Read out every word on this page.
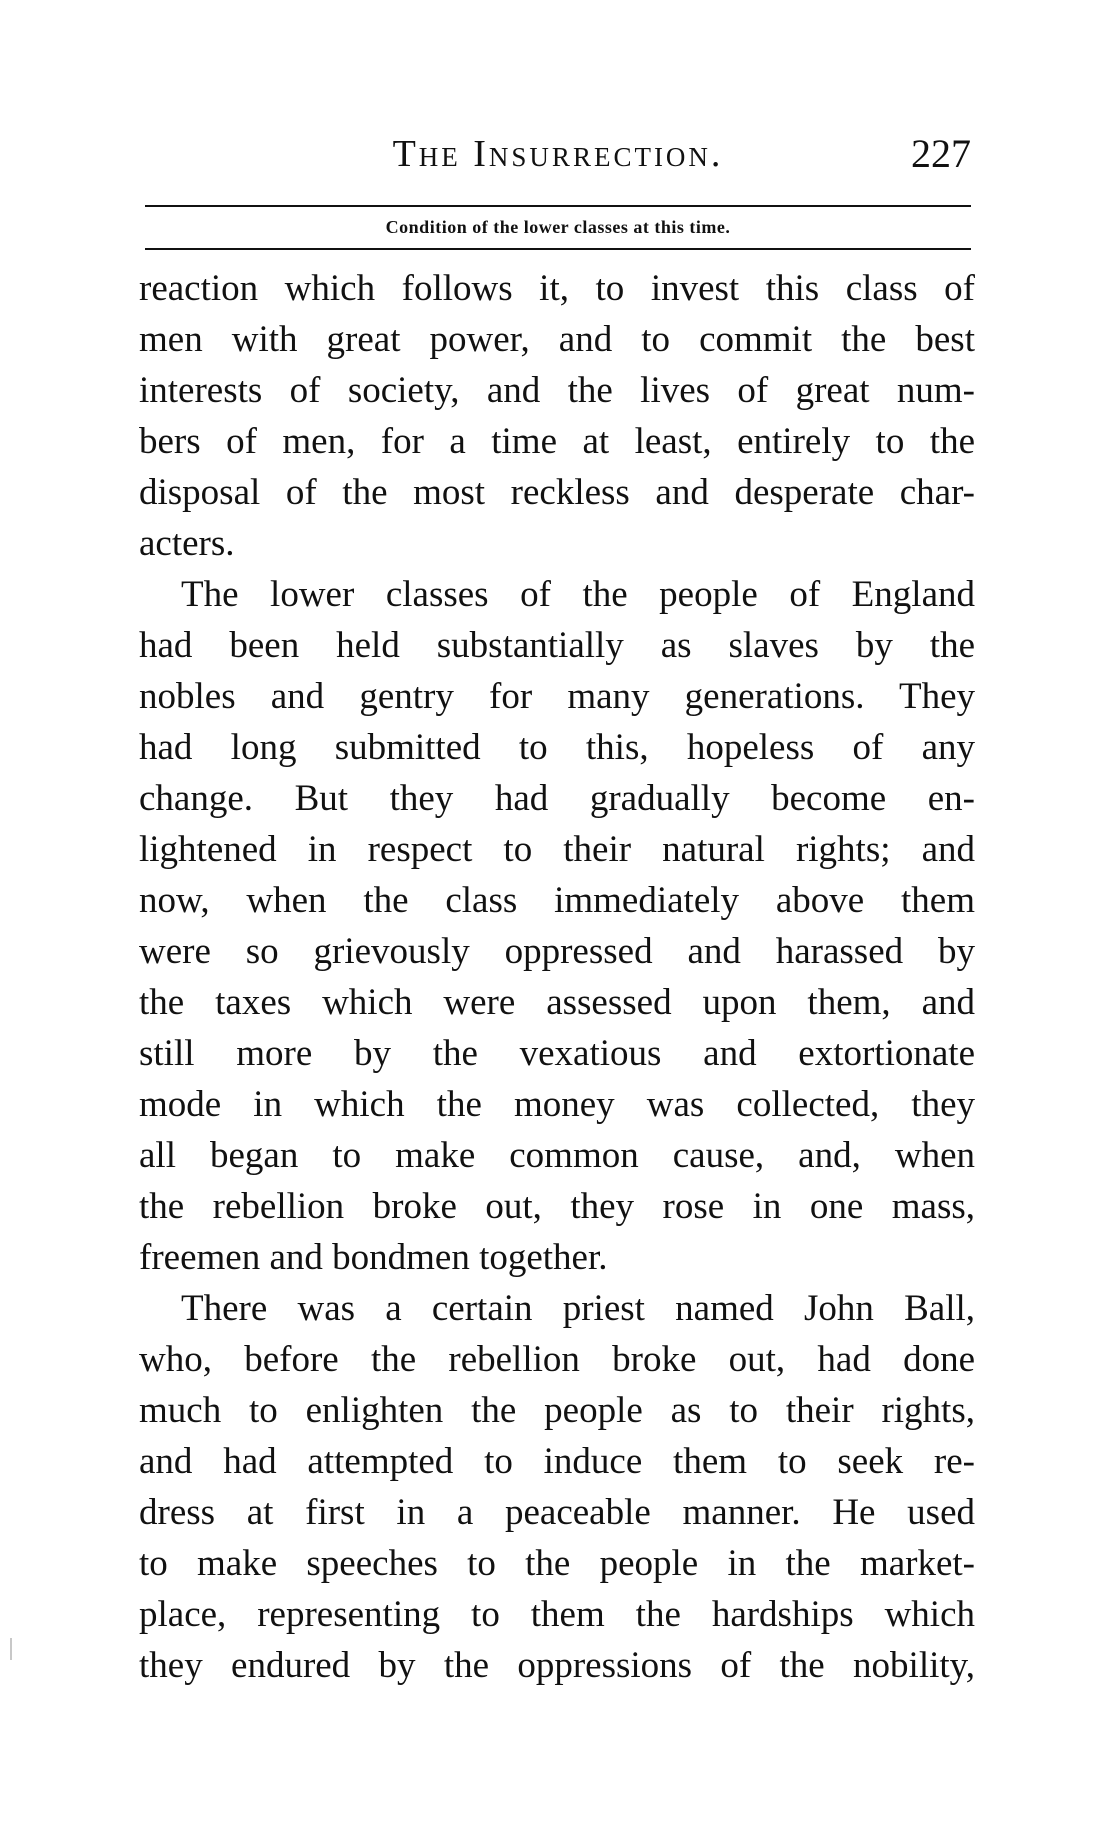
The Insurrection.	227
Condition of the lower classes at this time.
reaction which follows it, to invest this class of
men with great power, and to commit the best
interests of society, and the lives of great num-
bers of men, for a time at least, entirely to the
disposal of the most reckless and desperate char-
acters.
The lower classes of the people of England
had been held substantially as slaves by the
nobles and gentry for many generations. They
had long submitted to this, hopeless of any
change. But they had gradually become en-
lightened in respect to their natural rights; and
now, when the class immediately above them
were so grievously oppressed and harassed by
the taxes which were assessed upon them, and
still more by the vexatious and extortionate
mode in which the money was collected, they
all began to make common cause, and, when
the rebellion broke out, they rose in one mass,
freemen and bondmen together.
There was a certain priest named John Ball,
who, before the rebellion broke out, had done
much to enlighten the people as to their rights,
and had attempted to induce them to seek re-
dress at first in a peaceable manner. He used
to make speeches to the people in the market-
place, representing to them the hardships which
they endured by the oppressions of the nobility,
